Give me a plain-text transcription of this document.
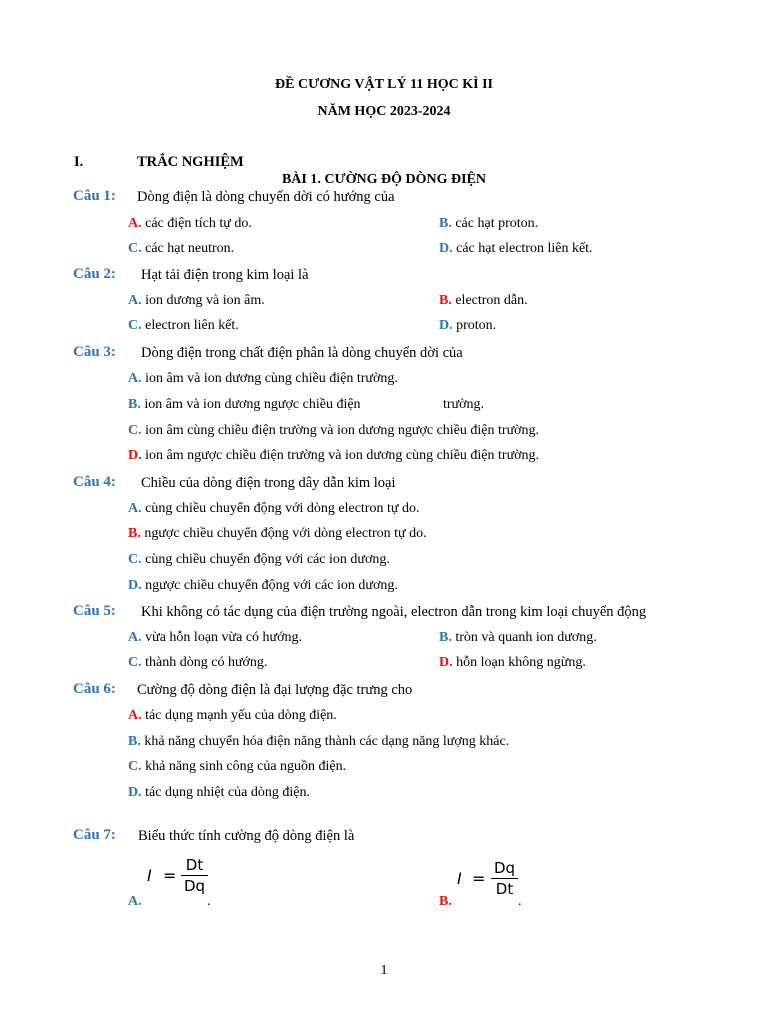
ĐỀ CƯƠNG VẬT LÝ 11 HỌC KÌ II
NĂM HỌC 2023-2024
I.	TRẮC NGHIỆM
BÀI 1. CƯỜNG ĐỘ DÒNG ĐIỆN
Câu 1: Dòng điện là dòng chuyển dời có hướng của
A. các điện tích tự do.	B. các hạt proton.
C. các hạt neutron.	D. các hạt electron liên kết.
Câu 2: Hạt tải điện trong kim loại là
A. ion dương và ion âm.	B. electron dẫn.
C. electron liên kết.	D. proton.
Câu 3: Dòng điện trong chất điện phân là dòng chuyển dời của
A. ion âm và ion dương cùng chiều điện trường.
B. ion âm và ion dương ngược chiều điện	trường.
C. ion âm cùng chiều điện trường và ion dương ngược chiều điện trường.
D. ion âm ngược chiều điện trường và ion dương cùng chiều điện trường.
Câu 4: Chiều của dòng điện trong dây dẫn kim loại
A. cùng chiều chuyển động với dòng electron tự do.
B. ngược chiều chuyển động với dòng electron tự do.
C. cùng chiều chuyển động với các ion dương.
D. ngược chiều chuyển động với các ion dương.
Câu 5: Khi không có tác dụng của điện trường ngoài, electron dẫn trong kim loại chuyển động
A. vừa hỗn loạn vừa có hướng.	B. tròn và quanh ion dương.
C. thành dòng có hướng.	D. hỗn loạn không ngừng.
Câu 6: Cường độ dòng điện là đại lượng đặc trưng cho
A. tác dụng mạnh yếu của dòng điện.
B. khả năng chuyển hóa điện năng thành các dạng năng lượng khác.
C. khả năng sinh công của nguồn điện.
D. tác dụng nhiệt của dòng điện.
Câu 7: Biểu thức tính cường độ dòng điện là
A.
I =
Dt
Dq
.	B.
I =
Dq
Dt
.
1
